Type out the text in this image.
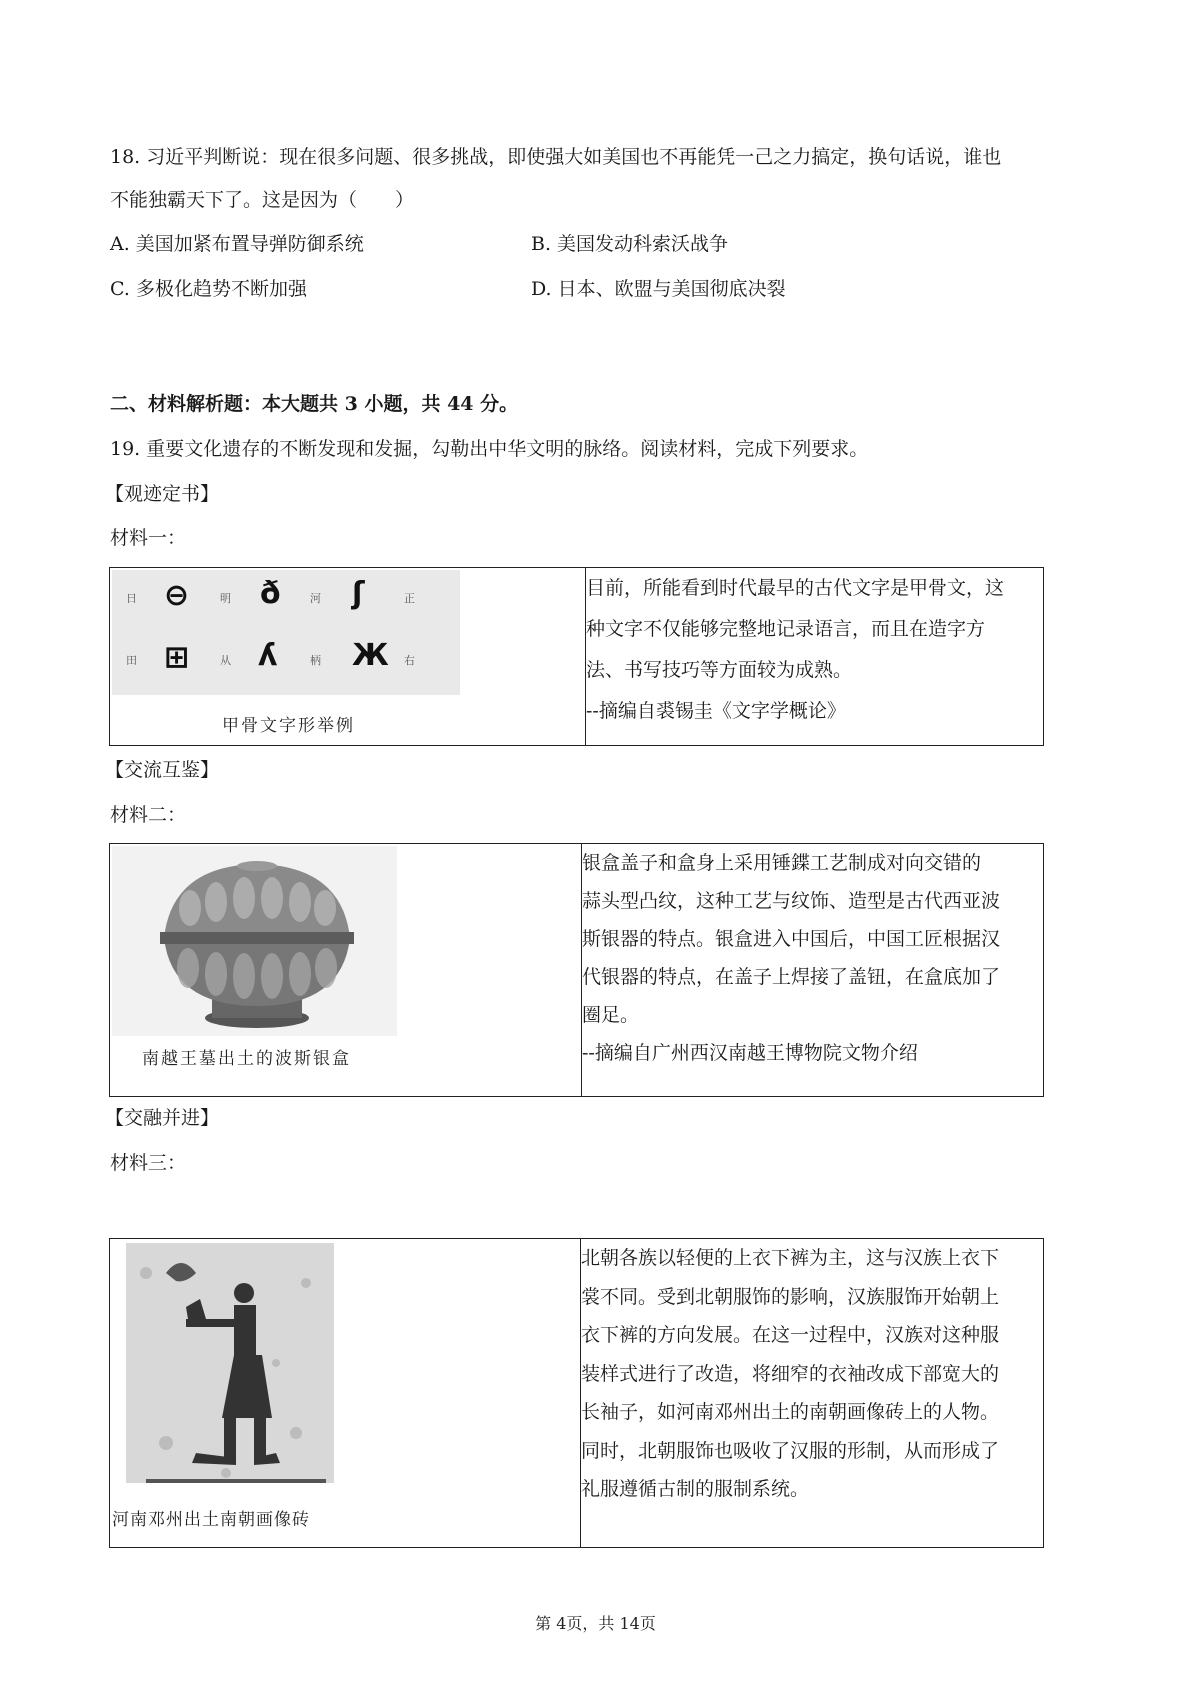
18. 习近平判断说：现在很多问题、很多挑战，即使强大如美国也不再能凭一己之力搞定，换句话说，谁也
不能独霸天下了。这是因为（　　）
A. 美国加紧布置导弹防御系统	B. 美国发动科索沃战争
C. 多极化趋势不断加强	D. 日本、欧盟与美国彻底决裂
二、材料解析题：本大题共 3 小题，共 44 分。
19. 重要文化遗存的不断发现和发掘，勾勒出中华文明的脉络。阅读材料，完成下列要求。
【观迹定书】
材料一：
日 ⊖	明 ð	河 ʃ	正
田 ⊞	从 ʎ	柄 Ж 右
甲骨文字形举例

目前，所能看到时代最早的古代文字是甲骨文，这
种文字不仅能够完整地记录语言，而且在造字方
法、书写技巧等方面较为成熟。
--摘编自裘锡圭《文字学概论》
【交流互鉴】
材料二：
南越王墓出土的波斯银盒

银盒盖子和盒身上采用锤鍱工艺制成对向交错的
蒜头型凸纹，这种工艺与纹饰、造型是古代西亚波
斯银器的特点。银盒进入中国后，中国工匠根据汉
代银器的特点，在盖子上焊接了盖钮，在盒底加了
圈足。
--摘编自广州西汉南越王博物院文物介绍
【交融并进】
材料三：
河南邓州出土南朝画像砖

北朝各族以轻便的上衣下裤为主，这与汉族上衣下
裳不同。受到北朝服饰的影响，汉族服饰开始朝上
衣下裤的方向发展。在这一过程中，汉族对这种服
装样式进行了改造，将细窄的衣袖改成下部宽大的
长袖子，如河南邓州出土的南朝画像砖上的人物。
同时，北朝服饰也吸收了汉服的形制，从而形成了
礼服遵循古制的服制系统。
第 4页，共 14页
